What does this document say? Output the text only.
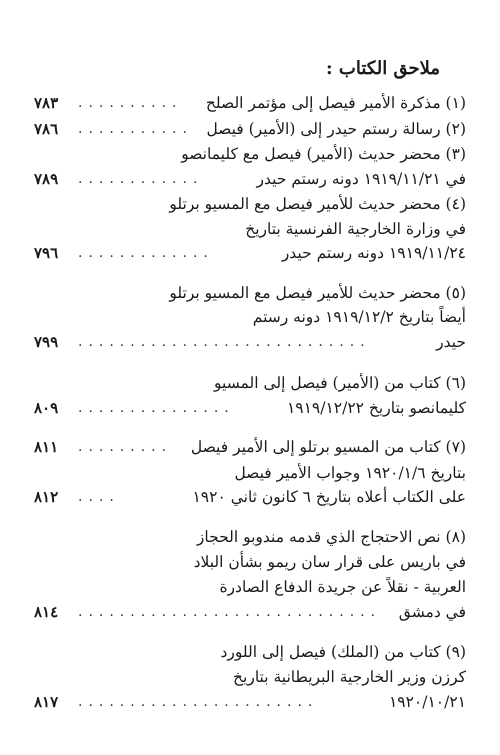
ملاحق الكتاب :
(١) مذكرة الأمير فيصل إلى مؤتمر الصلح
..........
٧٨٣
(٢) رسالة رستم حيدر إلى (الأمير) فيصل
...........
٧٨٦
(٣) محضر حديث (الأمير) فيصل مع كليمانصو
في ١٩١٩/١١/٢١ دونه رستم حيدر
............
٧٨٩
(٤) محضر حديث للأمير فيصل مع المسيو برتلو
في وزارة الخارجية الفرنسية بتاريخ
١٩١٩/١١/٢٤ دونه رستم حيدر
.............
٧٩٦
(٥) محضر حديث للأمير فيصل مع المسيو برتلو
أيضاً بتاريخ ١٩١٩/١٢/٢ دونه رستم
حيدر
............................
٧٩٩
(٦) كتاب من (الأمير) فيصل إلى المسيو
كليمانصو بتاريخ ١٩١٩/١٢/٢٢
...............
٨٠٩
(٧) كتاب من المسيو برتلو إلى الأمير فيصل
.........
٨١١
بتاريخ ١٩٢٠/١/٦ وجواب الأمير فيصل
على الكتاب أعلاه بتاريخ ٦ كانون ثاني ١٩٢٠
....
٨١٢
(٨) نص الاحتجاج الذي قدمه مندوبو الحجاز
في باريس على قرار سان ريمو بشأن البلاد
العربية - نقلاً عن جريدة الدفاع الصادرة
في دمشق
.............................
٨١٤
(٩) كتاب من (الملك) فيصل إلى اللورد
كرزن وزير الخارجية البريطانية بتاريخ
١٩٢٠/١٠/٢١
.......................
٨١٧
